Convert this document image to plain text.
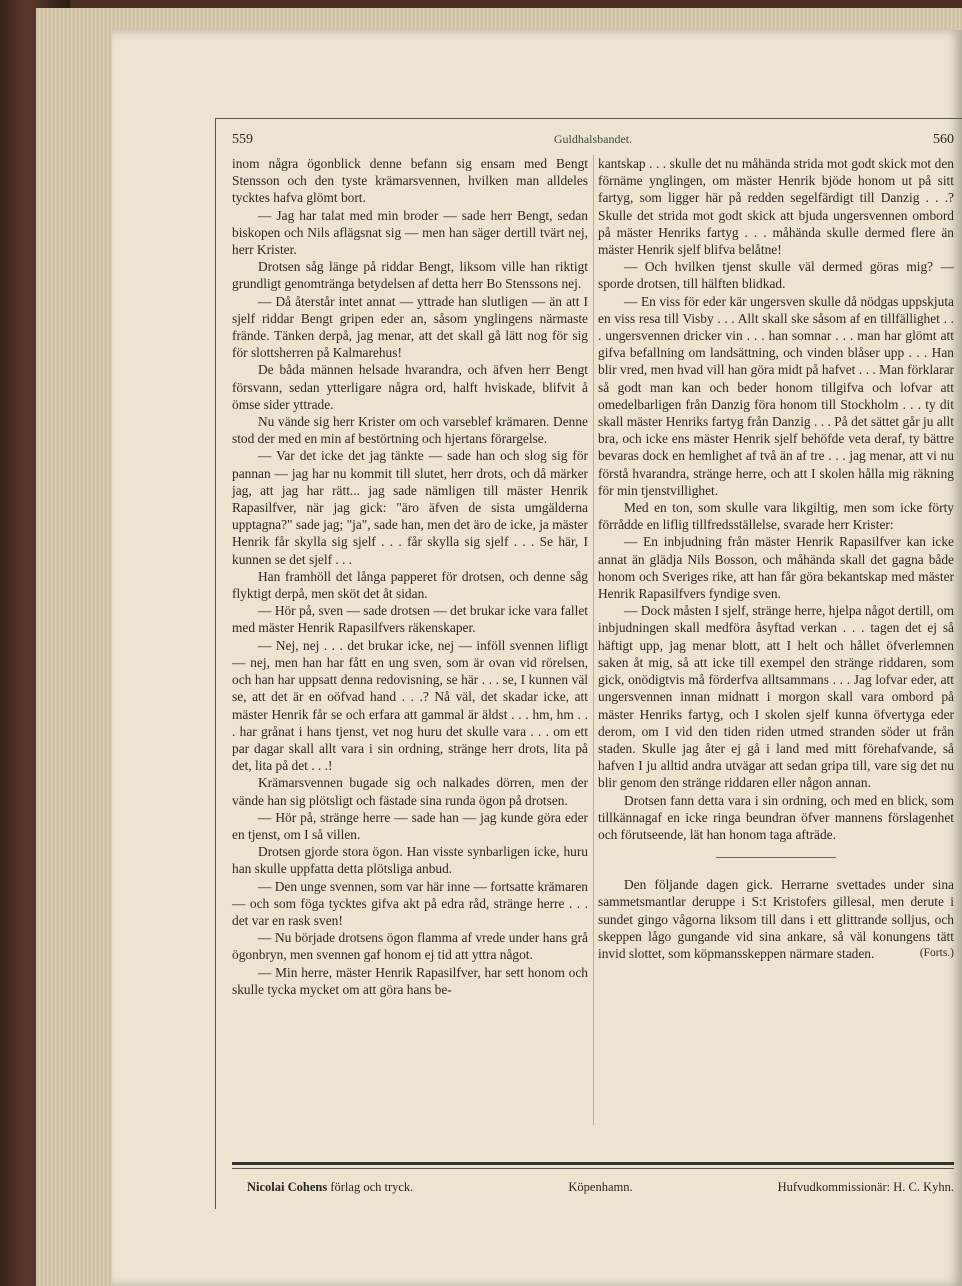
559	Guldhalsbandet.	560

inom några ögonblick denne befann sig ensam med Bengt Stensson och den tyste krämarsvennen, hvilken man alldeles tycktes hafva glömt bort.

— Jag har talat med min broder — sade herr Bengt, sedan biskopen och Nils aflägsnat sig — men han säger dertill tvärt nej, herr Krister.

Drotsen såg länge på riddar Bengt, liksom ville han riktigt grundligt genomtränga betydelsen af detta herr Bo Stenssons nej.

— Då återstår intet annat — yttrade han slutligen — än att I sjelf riddar Bengt gripen eder an, såsom ynglingens närmaste frände. Tänken derpå, jag menar, att det skall gå lätt nog för sig för slottsherren på Kalmarehus!

De båda männen helsade hvarandra, och äfven herr Bengt försvann, sedan ytterligare några ord, halft hviskade, blifvit å ömse sider yttrade.

Nu vände sig herr Krister om och varseblef krämaren. Denne stod der med en min af bestörtning och hjertans förargelse.

— Var det icke det jag tänkte — sade han och slog sig för pannan — jag har nu kommit till slutet, herr drots, och då märker jag, att jag har rätt... jag sade nämligen till mäster Henrik Rapasilfver, när jag gick: "äro äfven de sista umgälderna upptagna?" sade jag; "ja", sade han, men det äro de icke, ja mäster Henrik får skylla sig sjelf . . . får skylla sig sjelf . . . Se här, I kunnen se det sjelf . . .

Han framhöll det långa papperet för drotsen, och denne såg flyktigt derpå, men sköt det åt sidan.

— Hör på, sven — sade drotsen — det brukar icke vara fallet med mäster Henrik Rapasilfvers räkenskaper.

— Nej, nej . . . det brukar icke, nej — inföll svennen lifligt — nej, men han har fått en ung sven, som är ovan vid rörelsen, och han har uppsatt denna redovisning, se här . . . se, I kunnen väl se, att det är en oöfvad hand . . .? Nå väl, det skadar icke, att mäster Henrik får se och erfara att gammal är äldst . . . hm, hm . . . har grånat i hans tjenst, vet nog huru det skulle vara . . . om ett par dagar skall allt vara i sin ordning, stränge herr drots, lita på det, lita på det . . .!

Krämarsvennen bugade sig och nalkades dörren, men der vände han sig plötsligt och fästade sina runda ögon på drotsen.

— Hör på, stränge herre — sade han — jag kunde göra eder en tjenst, om I så villen.

Drotsen gjorde stora ögon. Han visste synbarligen icke, huru han skulle uppfatta detta plötsliga anbud.

— Den unge svennen, som var här inne — fortsatte krämaren — och som föga tycktes gifva akt på edra råd, stränge herre . . . det var en rask sven!

— Nu började drotsens ögon flamma af vrede under hans grå ögonbryn, men svennen gaf honom ej tid att yttra något.

— Min herre, mäster Henrik Rapasilfver, har sett honom och skulle tycka mycket om att göra hans be-

kantskap . . . skulle det nu måhända strida mot godt skick mot den förnäme ynglingen, om mäster Henrik bjöde honom ut på sitt fartyg, som ligger här på redden segelfärdigt till Danzig . . .? Skulle det strida mot godt skick att bjuda ungersvennen ombord på mäster Henriks fartyg . . . måhända skulle dermed flere än mäster Henrik sjelf blifva belåtne!

— Och hvilken tjenst skulle väl dermed göras mig? — sporde drotsen, till hälften blidkad.

— En viss för eder kär ungersven skulle då nödgas uppskjuta en viss resa till Visby . . . Allt skall ske såsom af en tillfällighet . . . ungersvennen dricker vin . . . han somnar . . . man har glömt att gifva befallning om landsättning, och vinden blåser upp . . . Han blir vred, men hvad vill han göra midt på hafvet . . . Man förklarar så godt man kan och beder honom tillgifva och lofvar att omedelbarligen från Danzig föra honom till Stockholm . . . ty dit skall mäster Henriks fartyg från Danzig . . . På det sättet går ju allt bra, och icke ens mäster Henrik sjelf behöfde veta deraf, ty bättre bevaras dock en hemlighet af två än af tre . . . jag menar, att vi nu förstå hvarandra, stränge herre, och att I skolen hålla mig räkning för min tjenstvillighet.

Med en ton, som skulle vara likgiltig, men som icke förty förrådde en liflig tillfredsställelse, svarade herr Krister:

— En inbjudning från mäster Henrik Rapasilfver kan icke annat än glädja Nils Bosson, och måhända skall det gagna både honom och Sveriges rike, att han får göra bekantskap med mäster Henrik Rapasilfvers fyndige sven.

— Dock måsten I sjelf, stränge herre, hjelpa något dertill, om inbjudningen skall medföra åsyftad verkan . . . tagen det ej så häftigt upp, jag menar blott, att I helt och hållet öfverlemnen saken åt mig, så att icke till exempel den stränge riddaren, som gick, onödigtvis må förderfva alltsammans . . . Jag lofvar eder, att ungersvennen innan midnatt i morgon skall vara ombord på mäster Henriks fartyg, och I skolen sjelf kunna öfvertyga eder derom, om I vid den tiden riden utmed stranden söder ut från staden. Skulle jag åter ej gå i land med mitt förehafvande, så hafven I ju alltid andra utvägar att sedan gripa till, vare sig det nu blir genom den stränge riddaren eller någon annan.

Drotsen fann detta vara i sin ordning, och med en blick, som tillkännagaf en icke ringa beundran öfver mannens förslagenhet och förutseende, lät han honom taga afträde.

Den följande dagen gick. Herrarne svettades under sina sammetsmantlar deruppe i S:t Kristofers gillesal, men derute i sundet gingo vågorna liksom till dans i ett glittrande solljus, och skeppen lågo gungande vid sina ankare, så väl konungens tätt invid slottet, som köpmansskeppen närmare staden.	(Forts.)
Nicolai Cohens förlag och tryck.	Köpenhamn.	Hufvudkommissionär: H. C. Kyhn.
